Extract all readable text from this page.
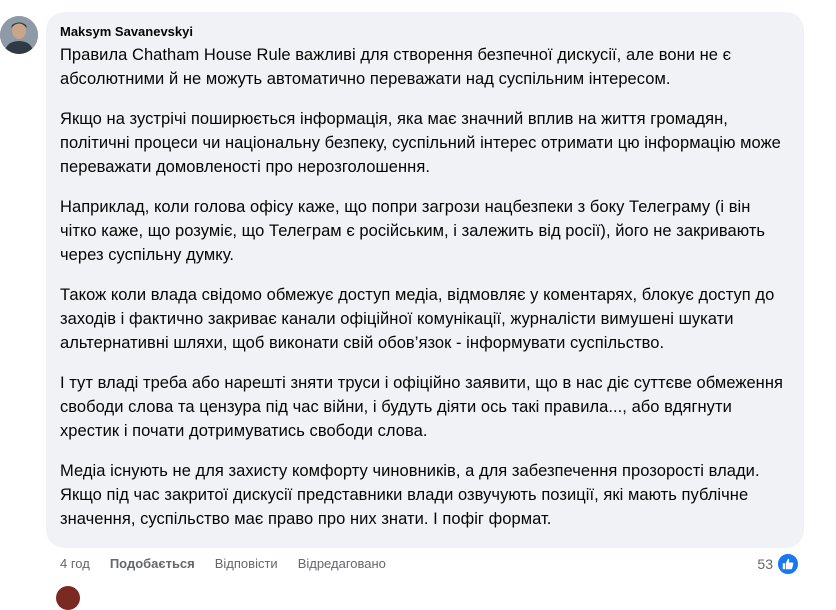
Maksym Savanevskyi

Правила Chatham House Rule важливі для створення безпечної дискусії, але вони не є абсолютними й не можуть автоматично переважати над суспільним інтересом.

Якщо на зустрічі поширюється інформація, яка має значний вплив на життя громадян, політичні процеси чи національну безпеку, суспільний інтерес отримати цю інформацію може переважати домовленості про нерозголошення.

Наприклад, коли голова офісу каже, що попри загрози нацбезпеки з боку Телеграму (і він чітко каже, що розуміє, що Телеграм є російським, і залежить від росії), його не закривають через суспільну думку.

Також коли влада свідомо обмежує доступ медіа, відмовляє у коментарях, блокує доступ до заходів і фактично закриває канали офіційної комунікації, журналісти вимушені шукати альтернативні шляхи, щоб виконати свій обов’язок - інформувати суспільство.

І тут владі треба або нарешті зняти труси і офіційно заявити, що в нас діє суттєве обмеження свободи слова та цензура під час війни, і будуть діяти ось такі правила..., або вдягнути хрестик і почати дотримуватись свободи слова.

Медіа існують не для захисту комфорту чиновників, а для забезпечення прозорості влади. Якщо під час закритої дискусії представники влади озвучують позиції, які мають публічне значення, суспільство має право про них знати. І пофіг формат.

4 год Подобається Відповісти Відредаговано	53
